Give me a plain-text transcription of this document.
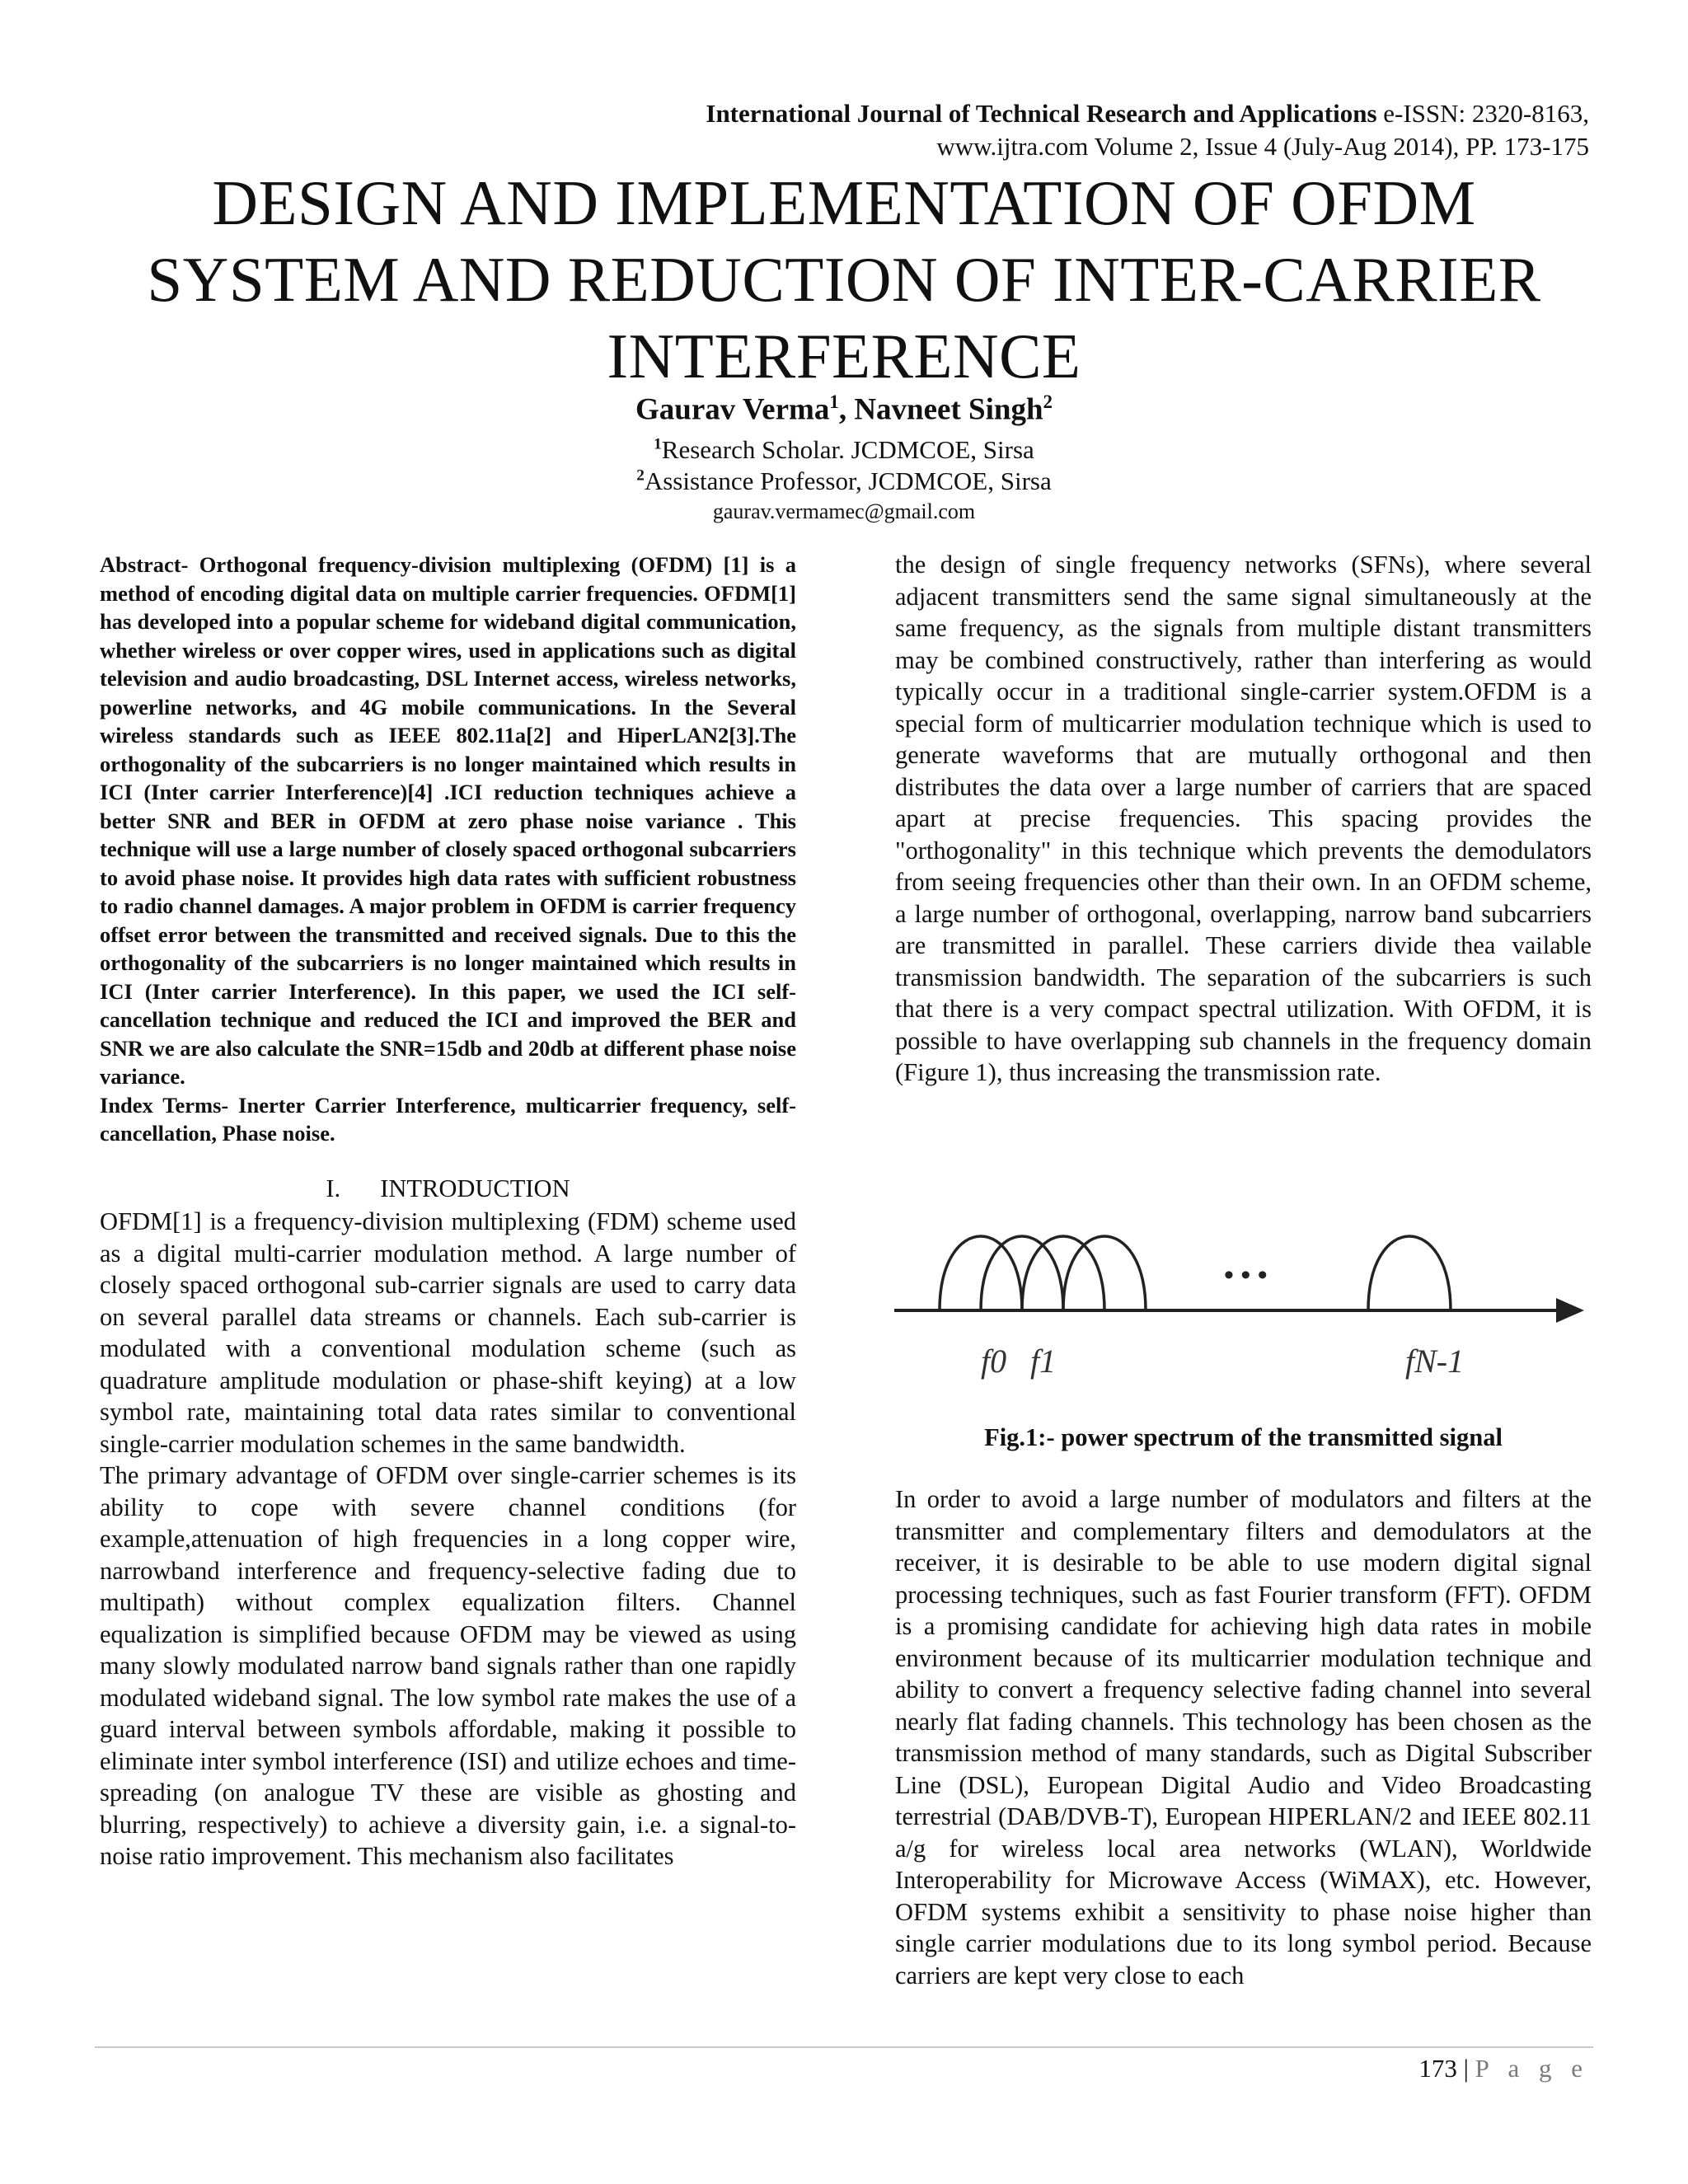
International Journal of Technical Research and Applications e-ISSN: 2320-8163,
www.ijtra.com Volume 2, Issue 4 (July-Aug 2014), PP. 173-175
DESIGN AND IMPLEMENTATION OF OFDM
SYSTEM AND REDUCTION OF INTER-CARRIER
INTERFERENCE
Gaurav Verma$^1$, Navneet Singh$^2$
$^1$Research Scholar. JCDMCOE, Sirsa
$^2$Assistance Professor, JCDMCOE, Sirsa
gaurav.vermamec@gmail.com

Abstract- Orthogonal frequency-division multiplexing (OFDM) [1] is a method of encoding digital data on multiple carrier frequencies. OFDM[1] has developed into a popular scheme for wideband digital communication, whether wireless or over copper wires, used in applications such as digital television and audio broadcasting, DSL Internet access, wireless networks, powerline networks, and 4G mobile communications. In the Several wireless standards such as IEEE 802.11a[2] and HiperLAN2[3].The orthogonality of the subcarriers is no longer maintained which results in ICI (Inter carrier Interference)[4] .ICI reduction techniques achieve a better SNR and BER in OFDM at zero phase noise variance . This technique will use a large number of closely spaced orthogonal subcarriers to avoid phase noise. It provides high data rates with sufficient robustness to radio channel damages. A major problem in OFDM is carrier frequency offset error between the transmitted and received signals. Due to this the orthogonality of the subcarriers is no longer maintained which results in ICI (Inter carrier Interference). In this paper, we used the ICI self-cancellation technique and reduced the ICI and improved the BER and SNR we are also calculate the SNR=15db and 20db at different phase noise variance.

Index Terms- Inerter Carrier Interference, multicarrier frequency, self-cancellation, Phase noise.

I. INTRODUCTION

OFDM[1] is a frequency-division multiplexing (FDM) scheme used as a digital multi-carrier modulation method. A large number of closely spaced orthogonal sub-carrier signals are used to carry data on several parallel data streams or channels. Each sub-carrier is modulated with a conventional modulation scheme (such as quadrature amplitude modulation or phase-shift keying) at a low symbol rate, maintaining total data rates similar to conventional single-carrier modulation schemes in the same bandwidth.

The primary advantage of OFDM over single-carrier schemes is its ability to cope with severe channel conditions (for example,attenuation of high frequencies in a long copper wire, narrowband interference and frequency-selective fading due to multipath) without complex equalization filters. Channel equalization is simplified because OFDM may be viewed as using many slowly modulated narrow band signals rather than one rapidly modulated wideband signal. The low symbol rate makes the use of a guard interval between symbols affordable, making it possible to eliminate inter symbol interference (ISI) and utilize echoes and time-spreading (on analogue TV these are visible as ghosting and blurring, respectively) to achieve a diversity gain, i.e. a signal-to-noise ratio improvement. This mechanism also facilitates

the design of single frequency networks (SFNs), where several adjacent transmitters send the same signal simultaneously at the same frequency, as the signals from multiple distant transmitters may be combined constructively, rather than interfering as would typically occur in a traditional single-carrier system.OFDM is a special form of multicarrier modulation technique which is used to generate waveforms that are mutually orthogonal and then distributes the data over a large number of carriers that are spaced apart at precise frequencies. This spacing provides the "orthogonality" in this technique which prevents the demodulators from seeing frequencies other than their own. In an OFDM scheme, a large number of orthogonal, overlapping, narrow band subcarriers are transmitted in parallel. These carriers divide thea vailable transmission bandwidth. The separation of the subcarriers is such that there is a very compact spectral utilization. With OFDM, it is possible to have overlapping sub channels in the frequency domain (Figure 1), thus increasing the transmission rate.

• • •
f0 f1	fN-1
Fig.1:- power spectrum of the transmitted signal

In order to avoid a large number of modulators and filters at the transmitter and complementary filters and demodulators at the receiver, it is desirable to be able to use modern digital signal processing techniques, such as fast Fourier transform (FFT). OFDM is a promising candidate for achieving high data rates in mobile environment because of its multicarrier modulation technique and ability to convert a frequency selective fading channel into several nearly flat fading channels. This technology has been chosen as the transmission method of many standards, such as Digital Subscriber Line (DSL), European Digital Audio and Video Broadcasting terrestrial (DAB/DVB-T), European HIPERLAN/2 and IEEE 802.11 a/g for wireless local area networks (WLAN), Worldwide Interoperability for Microwave Access (WiMAX), etc. However, OFDM systems exhibit a sensitivity to phase noise higher than single carrier modulations due to its long symbol period. Because carriers are kept very close to each

173 | P a g e
